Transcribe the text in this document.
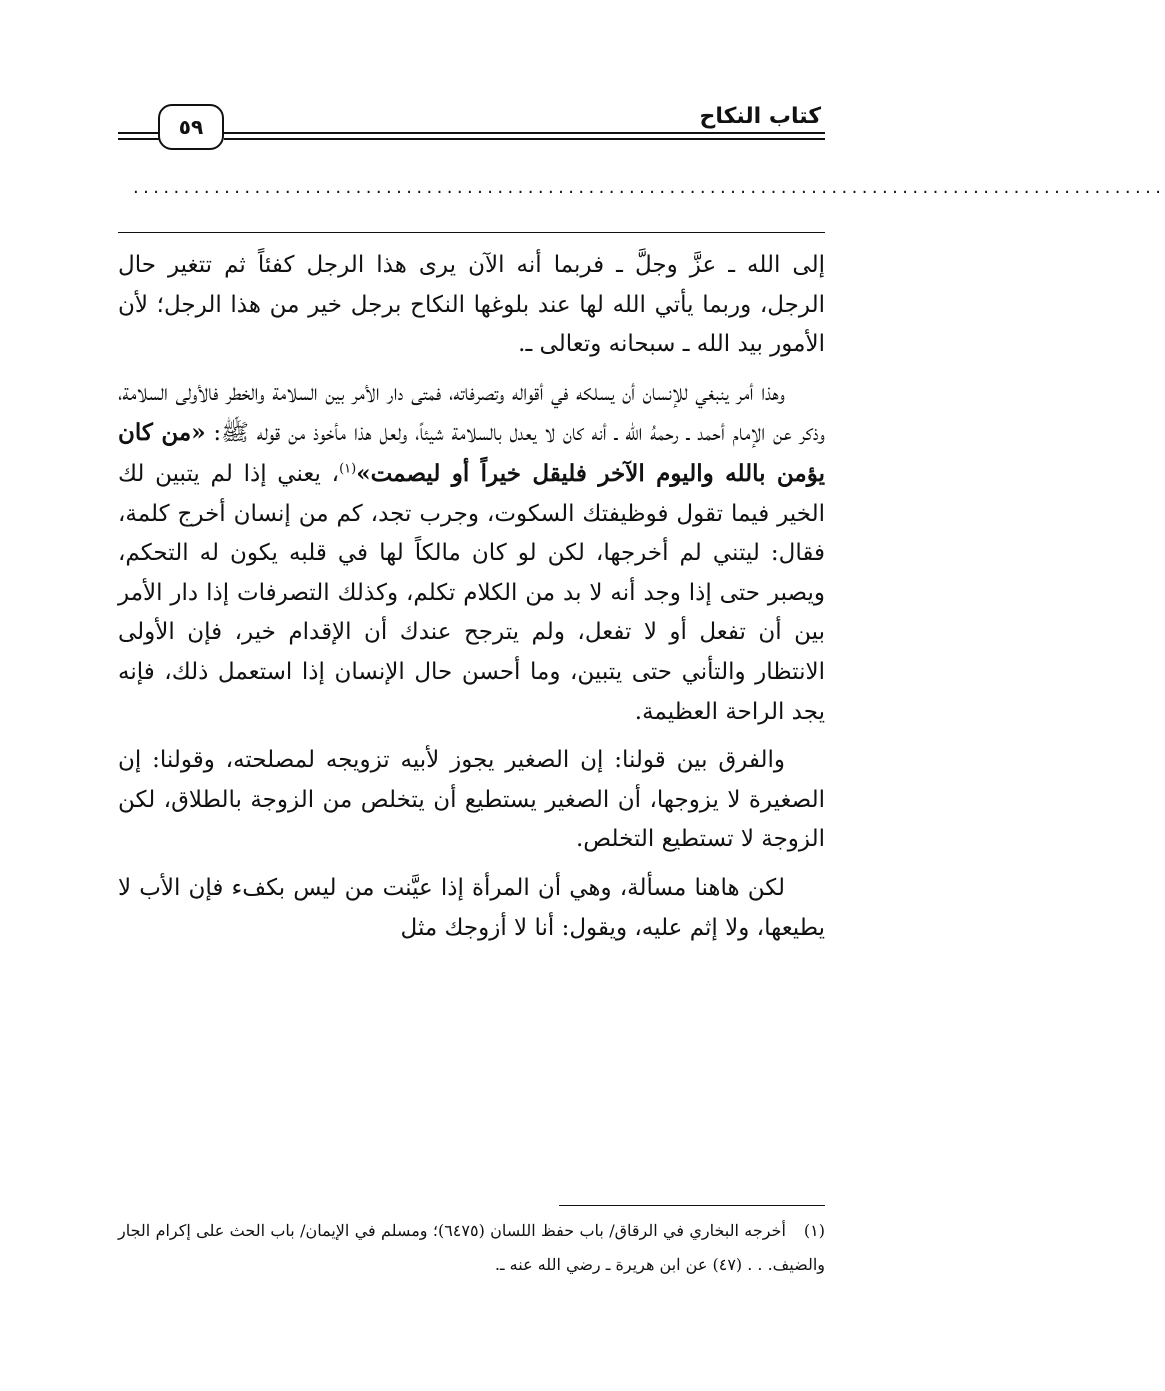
كتاب النكاح
٥٩
......................................................................................................

إلى الله ـ عزَّ وجلَّ ـ فربما أنه الآن يرى هذا الرجل كفئاً ثم تتغير حال الرجل، وربما يأتي الله لها عند بلوغها النكاح برجل خير من هذا الرجل؛ لأن الأمور بيد الله ـ سبحانه وتعالى ـ.

وهذا أمر ينبغي للإنسان أن يسلكه في أقواله وتصرفاته، فمتى دار الأمر بين السلامة والخطر فالأولى السلامة، وذكر عن الإمام أحمد ـ رحمهُ الله ـ أنه كان لا يعدل بالسلامة شيئاً، ولعل هذا مأخوذ من قوله ﷺ: «من كان يؤمن بالله واليوم الآخر فليقل خيراً أو ليصمت»$^{(١)}$، يعني إذا لم يتبين لك الخير فيما تقول فوظيفتك السكوت، وجرب تجد، كم من إنسان أخرج كلمة، فقال: ليتني لم أخرجها، لكن لو كان مالكاً لها في قلبه يكون له التحكم، ويصبر حتى إذا وجد أنه لا بد من الكلام تكلم، وكذلك التصرفات إذا دار الأمر بين أن تفعل أو لا تفعل، ولم يترجح عندك أن الإقدام خير، فإن الأولى الانتظار والتأني حتى يتبين، وما أحسن حال الإنسان إذا استعمل ذلك، فإنه يجد الراحة العظيمة.

والفرق بين قولنا: إن الصغير يجوز لأبيه تزويجه لمصلحته، وقولنا: إن الصغيرة لا يزوجها، أن الصغير يستطيع أن يتخلص من الزوجة بالطلاق، لكن الزوجة لا تستطيع التخلص.

لكن هاهنا مسألة، وهي أن المرأة إذا عيَّنت من ليس بكفء فإن الأب لا يطيعها، ولا إثم عليه، ويقول: أنا لا أزوجك مثل

(١)أخرجه البخاري في الرقاق/ باب حفظ اللسان (٦٤٧٥)؛ ومسلم في الإيمان/ باب الحث على إكرام الجار والضيف. . . (٤٧) عن ابن هريرة ـ رضي الله عنه ـ.
